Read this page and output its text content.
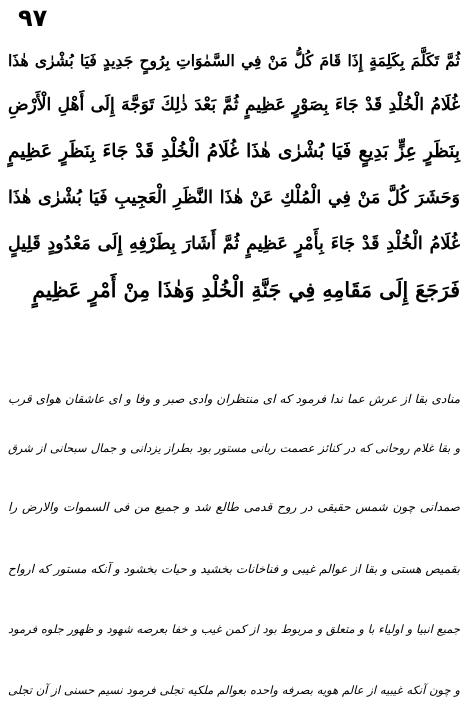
٩٧
ثُمَّ تَكَلَّمَ بِكَلِمَةٍ إِذَا قَامَ كُلُّ مَنْ فِي السَّمٰوَاتِ بِرُوحٍ جَدِيدٍ فَيَا بُشْرٰى هٰذَا
غُلَامُ الْخُلْدِ قَدْ جَاءَ بِصَوْرٍ عَظِيمٍ ثُمَّ بَعْدَ ذٰلِكَ تَوَجَّهَ إِلَى أَهْلِ الْأَرْضِ
بِنَظَرٍ عِزٍّ بَدِيعٍ فَيَا بُشْرٰى هٰذَا غُلَامُ الْخُلْدِ قَدْ جَاءَ بِنَظَرٍ عَظِيمٍ
وَحَشَرَ كُلَّ مَنْ فِي الْمُلْكِ عَنْ هٰذَا النَّظَرِ الْعَجِيبِ فَيَا بُشْرٰى هٰذَا
غُلَامُ الْخُلْدِ قَدْ جَاءَ بِأَمْرٍ عَظِيمٍ ثُمَّ أَشَارَ بِطَرْفِهِ إِلَى مَعْدُودٍ قَلِيلٍ
فَرَجَعَ إِلَى مَقَامِهِ فِي جَنَّةِ الْخُلْدِ وَهٰذَا مِنْ أَمْرٍ عَظِيمٍ
منادی بقا از عرش عما ندا فرمود که ای منتظران وادی صبر و وفا و ای عاشقان هوای قرب
و بقا غلام روحانی که در کنائز عصمت ربانی مستور بود بطراز یزدانی و جمال سبحانی از شرق
صمدانی چون شمس حقیقی در روح قدمی طالع شد و جمیع من فی السموات والارض را
بقمیص هستی و بقا از عوالم غیبی و فناخانات بخشید و حیات بخشود و آنکه مستور که ارواح
جمیع انبیا و اولیاء با و متعلق و مربوط بود از کمن غیب و خفا بعرصه شهود و ظهور جلوه فرمود
و چون آنکه غیبیه از عالم هویه بصرفه واحده بعوالم ملکیه تجلی فرمود نسیم حسنی از آن تجلی
